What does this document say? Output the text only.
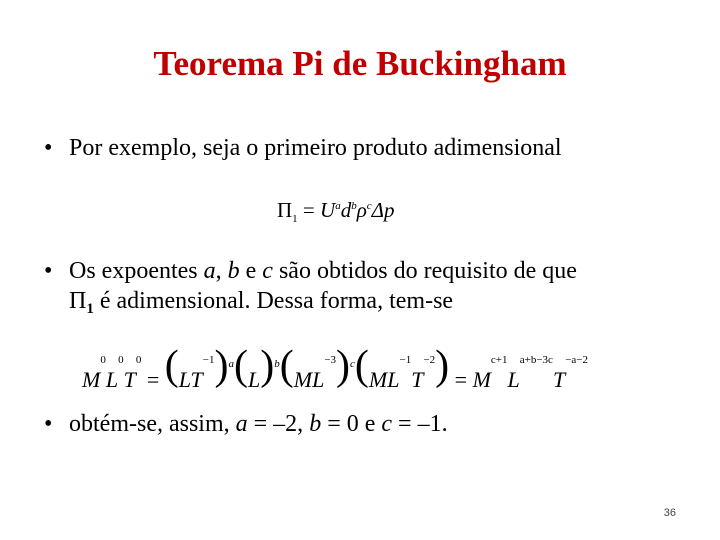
Teorema Pi de Buckingham
• Por exemplo, seja o primeiro produto adimensional
$\Pi_1 = U^ad^b\rho^c\Delta p$
• Os expoentes a, b e c são obtidos do requisito de que
$\Pi_1$ é adimensional. Dessa forma, tem-se
$M^0L^0T^0 = (LT^{-1})^a(L)^b(ML^{-3})^c(ML^{-1}T^{-2}) = M^{c+1}L^{a+b-3c}T^{-a-2}$
• obtém-se, assim, a = –2, b = 0 e c = –1.
36
